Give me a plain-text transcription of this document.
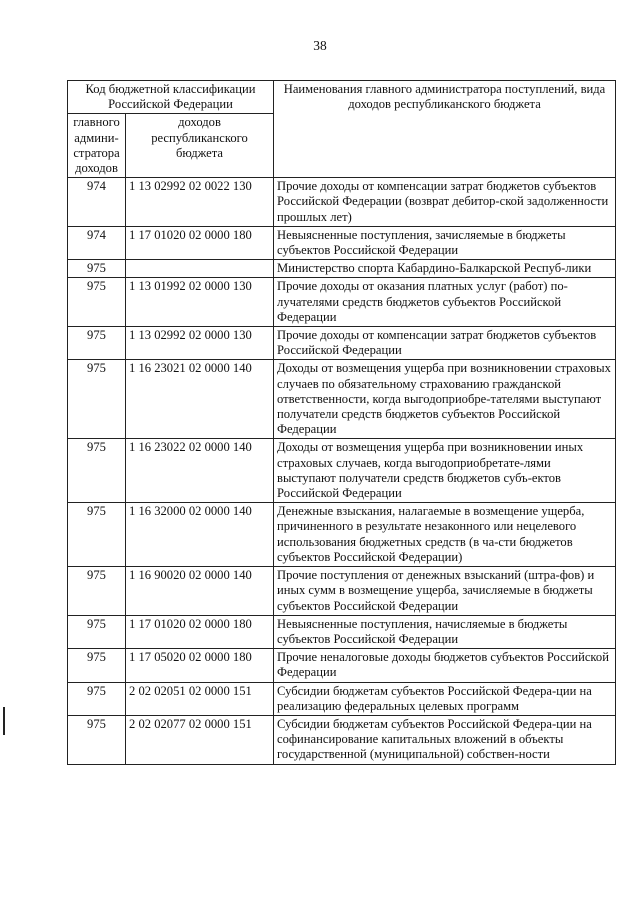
38
Код бюджетной классификации Российской Федерации		Наименования главного администратора поступлений, вида доходов республиканского бюджета
главного админи-стратора доходов	доходов республиканского бюджета	
974	1 13 02992 02 0022 130	Прочие доходы от компенсации затрат бюджетов субъектов Российской Федерации (возврат дебитор-ской задолженности прошлых лет)
974	1 17 01020 02 0000 180	Невыясненные поступления, зачисляемые в бюджеты субъектов Российской Федерации
975		Министерство спорта Кабардино-Балкарской Респуб-лики
975	1 13 01992 02 0000 130	Прочие доходы от оказания платных услуг (работ) по-лучателями средств бюджетов субъектов Российской Федерации
975	1 13 02992 02 0000 130	Прочие доходы от компенсации затрат бюджетов субъектов Российской Федерации
975	1 16 23021 02 0000 140	Доходы от возмещения ущерба при возникновении страховых случаев по обязательному страхованию гражданской ответственности, когда выгодоприобре-тателями выступают получатели средств бюджетов субъектов Российской Федерации
975	1 16 23022 02 0000 140	Доходы от возмещения ущерба при возникновении иных страховых случаев, когда выгодоприобретате-лями выступают получатели средств бюджетов субъ-ектов Российской Федерации
975	1 16 32000 02 0000 140	Денежные взыскания, налагаемые в возмещение ущерба, причиненного в результате незаконного или нецелевого использования бюджетных средств (в ча-сти бюджетов субъектов Российской Федерации)
975	1 16 90020 02 0000 140	Прочие поступления от денежных взысканий (штра-фов) и иных сумм в возмещение ущерба, зачисляемые в бюджеты субъектов Российской Федерации
975	1 17 01020 02 0000 180	Невыясненные поступления, начисляемые в бюджеты субъектов Российской Федерации
975	1 17 05020 02 0000 180	Прочие неналоговые доходы бюджетов субъектов Российской Федерации
975	2 02 02051 02 0000 151	Субсидии бюджетам субъектов Российской Федера-ции на реализацию федеральных целевых программ
975	2 02 02077 02 0000 151	Субсидии бюджетам субъектов Российской Федера-ции на софинансирование капитальных вложений в объекты государственной (муниципальной) собствен-ности
